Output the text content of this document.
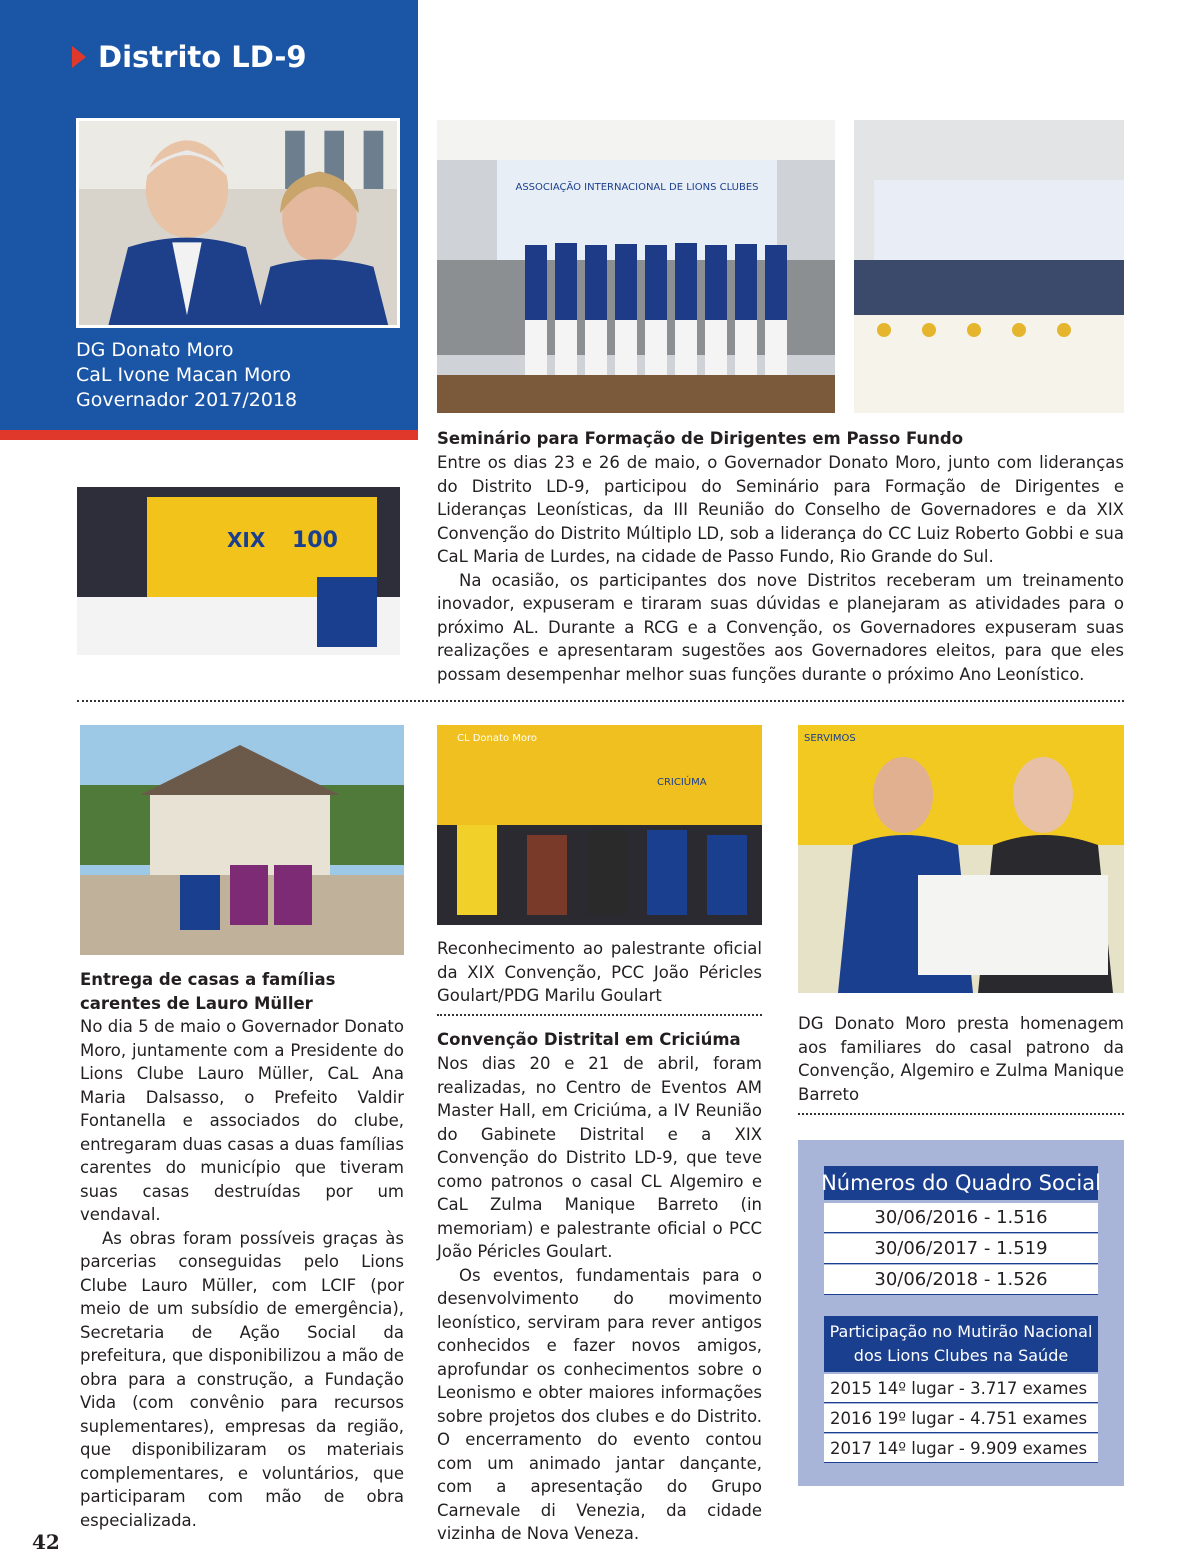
Distrito LD-9
DG Donato Moro
CaL Ivone Macan Moro
Governador 2017/2018
ASSOCIAÇÃO INTERNACIONAL DE LIONS CLUBES
XIX 100
Seminário para Formação de Dirigentes em Passo Fundo

Entre os dias 23 e 26 de maio, o Governador Donato Moro, junto com lideranças do Distrito LD-9, participou do Seminário para Formação de Dirigentes e Lideranças Leonísticas, da III Reunião do Conselho de Governadores e da XIX Convenção do Distrito Múltiplo LD, sob a liderança do CC Luiz Roberto Gobbi e sua CaL Maria de Lurdes, na cidade de Passo Fundo, Rio Grande do Sul.

Na ocasião, os participantes dos nove Distritos receberam um treinamento inovador, expuseram e tiraram suas dúvidas e planejaram as atividades para o próximo AL. Durante a RCG e a Convenção, os Governadores expuseram suas realizações e apresentaram sugestões aos Governadores eleitos, para que eles possam desempenhar melhor suas funções durante o próximo Ano Leonístico.

Entrega de casas a famílias carentes de Lauro Müller

No dia 5 de maio o Governador Donato Moro, juntamente com a Presidente do Lions Clube Lauro Müller, CaL Ana Maria Dalsasso, o Prefeito Valdir Fontanella e associados do clube, entregaram duas casas a duas famílias carentes do município que tiveram suas casas destruídas por um vendaval.

As obras foram possíveis graças às parcerias conseguidas pelo Lions Clube Lauro Müller, com LCIF (por meio de um subsídio de emergência), Secretaria de Ação Social da prefeitura, que disponibilizou a mão de obra para a construção, a Fundação Vida (com convênio para recursos suplementares), empresas da região, que disponibilizaram os materiais complementares, e voluntários, que participaram com mão de obra especializada.

CL Donato Moro
CRICIÚMA
Reconhecimento ao palestrante oficial da XIX Convenção, PCC João Péricles Goulart/PDG Marilu Goulart
Convenção Distrital em Criciúma

Nos dias 20 e 21 de abril, foram realizadas, no Centro de Eventos AM Master Hall, em Criciúma, a IV Reunião do Gabinete Distrital e a XIX Convenção do Distrito LD-9, que teve como patronos o casal CL Algemiro e CaL Zulma Manique Barreto (in memoriam) e palestrante oficial o PCC João Péricles Goulart.

Os eventos, fundamentais para o desenvolvimento do movimento leonístico, serviram para rever antigos conhecidos e fazer novos amigos, aprofundar os conhecimentos sobre o Leonismo e obter maiores informações sobre projetos dos clubes e do Distrito. O encerramento do evento contou com um animado jantar dançante, com a apresentação do Grupo Carnevale di Venezia, da cidade vizinha de Nova Veneza.

SERVIMOS
DG Donato Moro presta homenagem aos familiares do casal patrono da Convenção, Algemiro e Zulma Manique Barreto
Números do Quadro Social
30/06/2016 - 1.516
30/06/2017 - 1.519
30/06/2018 - 1.526
Participação no Mutirão Nacional dos Lions Clubes na Saúde
2015 14º lugar - 3.717 exames
2016 19º lugar - 4.751 exames
2017 14º lugar - 9.909 exames
42
